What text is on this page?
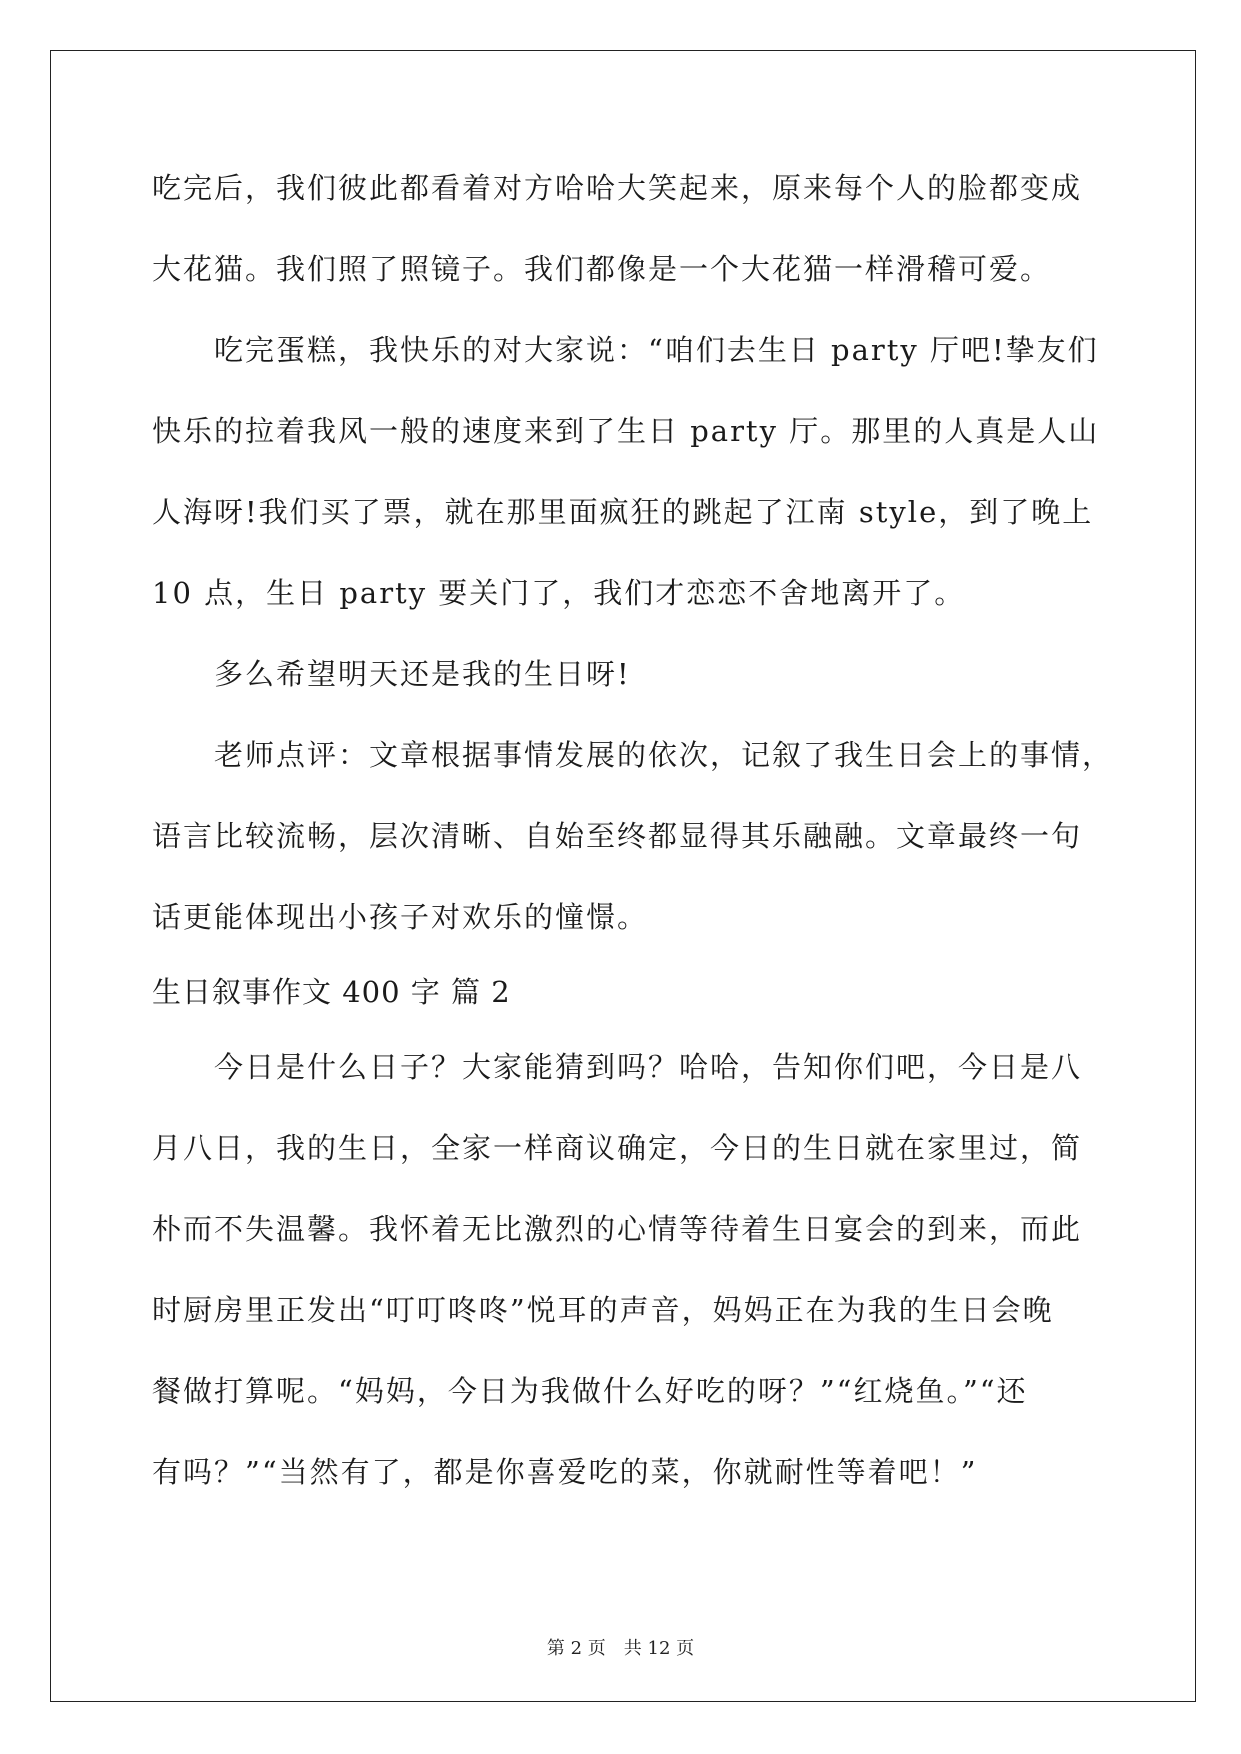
吃完后，我们彼此都看着对方哈哈大笑起来，原来每个人的脸都变成
大花猫。我们照了照镜子。我们都像是一个大花猫一样滑稽可爱。
吃完蛋糕，我快乐的对大家说：“咱们去生日 party 厅吧!挚友们
快乐的拉着我风一般的速度来到了生日 party 厅。那里的人真是人山
人海呀!我们买了票，就在那里面疯狂的跳起了江南 style，到了晚上
10 点，生日 party 要关门了，我们才恋恋不舍地离开了。
多么希望明天还是我的生日呀!
老师点评：文章根据事情发展的依次，记叙了我生日会上的事情，
语言比较流畅，层次清晰、自始至终都显得其乐融融。文章最终一句
话更能体现出小孩子对欢乐的憧憬。
生日叙事作文 400 字 篇 2
今日是什么日子？大家能猜到吗？哈哈，告知你们吧，今日是八
月八日，我的生日，全家一样商议确定，今日的生日就在家里过，简
朴而不失温馨。我怀着无比激烈的心情等待着生日宴会的到来，而此
时厨房里正发出“叮叮咚咚”悦耳的声音，妈妈正在为我的生日会晚
餐做打算呢。“妈妈，今日为我做什么好吃的呀？”“红烧鱼。”“还
有吗？”“当然有了，都是你喜爱吃的菜，你就耐性等着吧！”
第 2 页 共 12 页
